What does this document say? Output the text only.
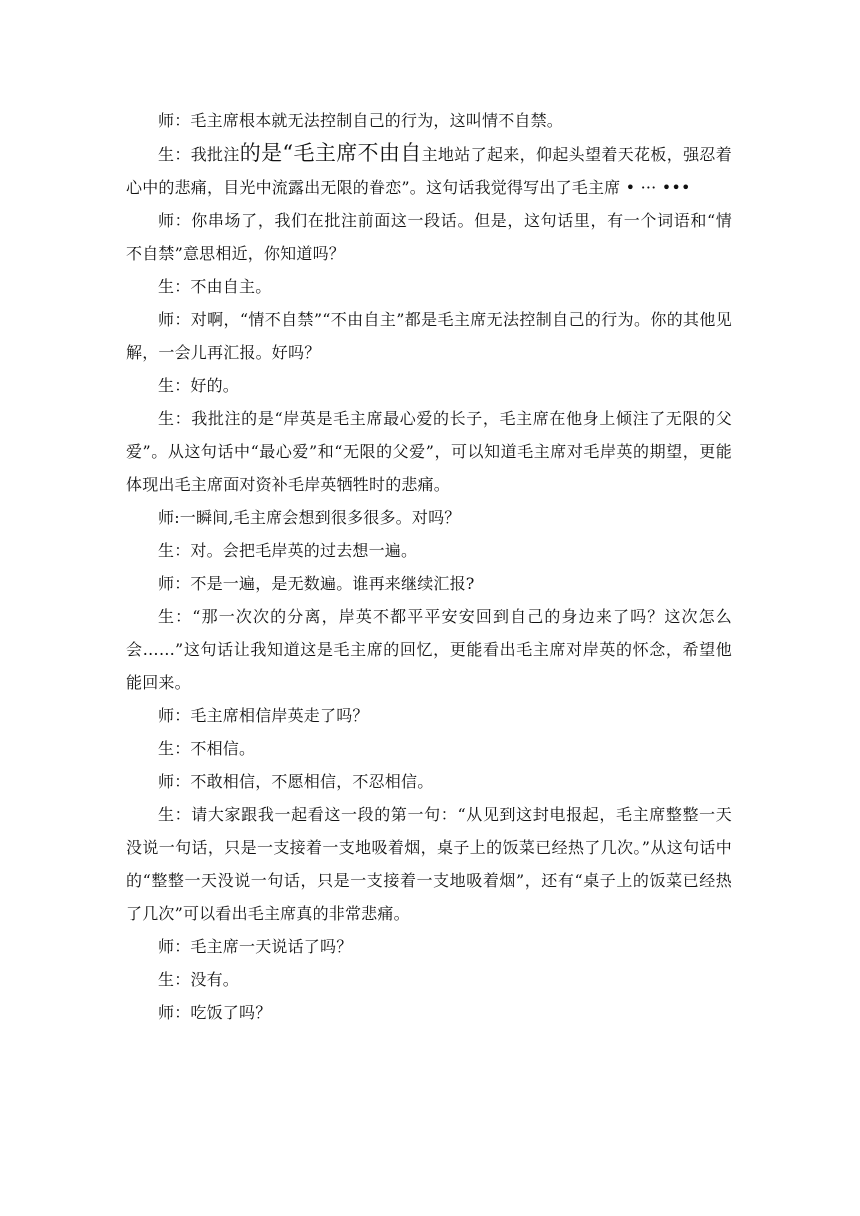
师：毛主席根本就无法控制自己的行为，这叫情不自禁。

生：我批注的是“毛主席不由自主地站了起来，仰起头望着天花板，强忍着心中的悲痛，目光中流露出无限的眷恋”。这句话我觉得写出了毛主席 • ··· •••

师：你串场了，我们在批注前面这一段话。但是，这句话里，有一个词语和“情不自禁”意思相近，你知道吗？

生：不由自主。

师：对啊，“情不自禁”“不由自主”都是毛主席无法控制自己的行为。你的其他见解，一会儿再汇报。好吗？

生：好的。

生：我批注的是“岸英是毛主席最心爱的长子，毛主席在他身上倾注了无限的父爱”。从这句话中“最心爱”和“无限的父爱”，可以知道毛主席对毛岸英的期望，更能体现出毛主席面对资补毛岸英牺牲时的悲痛。

师:一瞬间,毛主席会想到很多很多。对吗？

生：对。会把毛岸英的过去想一遍。

师：不是一遍，是无数遍。谁再来继续汇报?

生：“那一次次的分离，岸英不都平平安安回到自己的身边来了吗？这次怎么会……”这句话让我知道这是毛主席的回忆，更能看出毛主席对岸英的怀念，希望他能回来。

师：毛主席相信岸英走了吗？

生：不相信。

师：不敢相信，不愿相信，不忍相信。

生：请大家跟我一起看这一段的第一句：“从见到这封电报起，毛主席整整一天没说一句话，只是一支接着一支地吸着烟，桌子上的饭菜已经热了几次。”从这句话中的“整整一天没说一句话，只是一支接着一支地吸着烟”，还有“桌子上的饭菜已经热了几次”可以看出毛主席真的非常悲痛。

师：毛主席一天说话了吗？

生：没有。

师：吃饭了吗？
